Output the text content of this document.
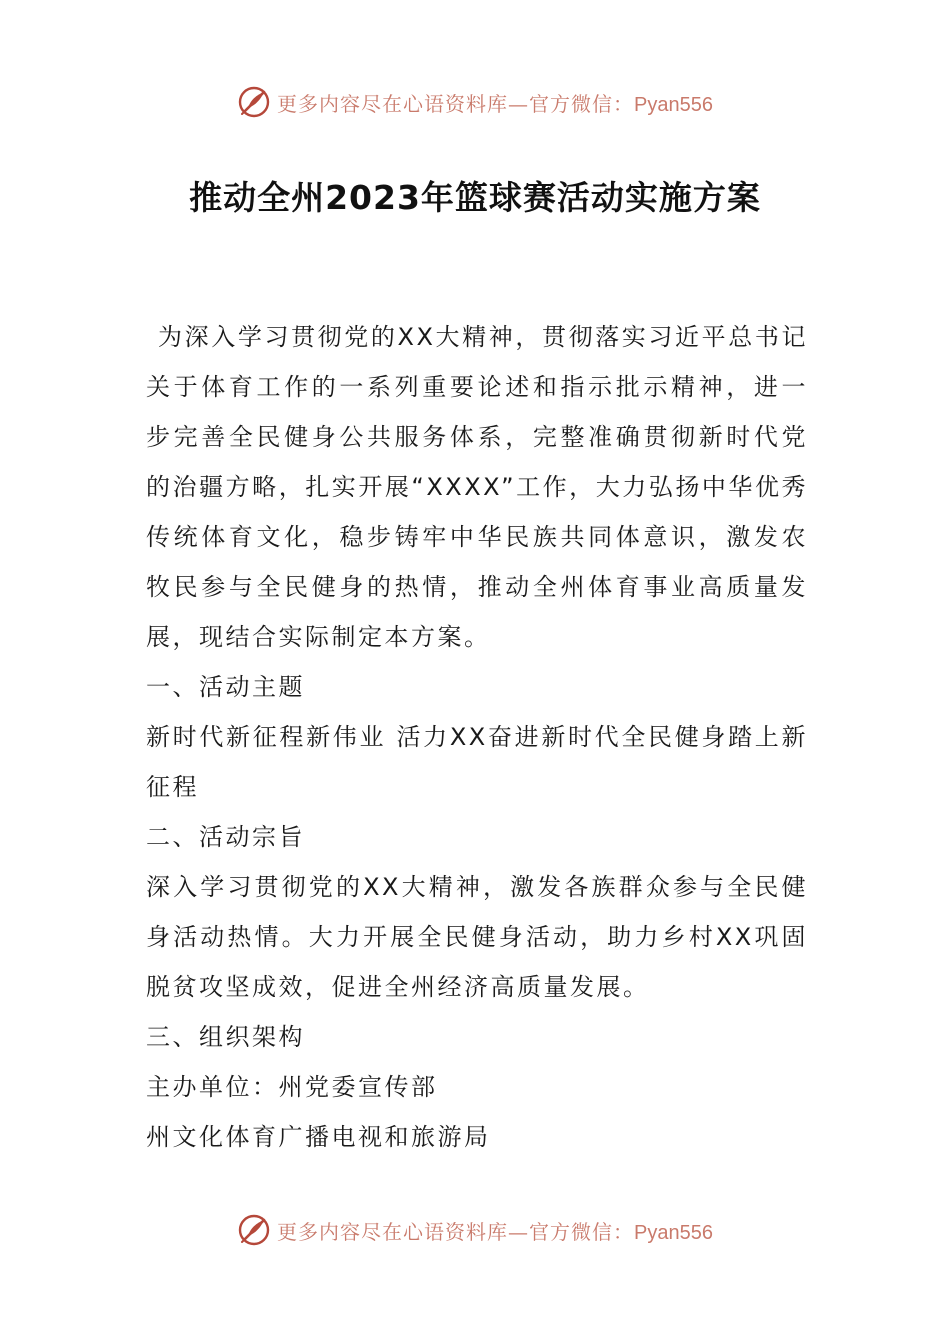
更多内容尽在心语资料库—官方微信：Pyan556
推动全州2023年篮球赛活动实施方案

为深入学习贯彻党的XX大精神，贯彻落实习近平总书记关于体育工作的一系列重要论述和指示批示精神，进一步完善全民健身公共服务体系，完整准确贯彻新时代党的治疆方略，扎实开展“XXXX”工作，大力弘扬中华优秀传统体育文化，稳步铸牢中华民族共同体意识，激发农牧民参与全民健身的热情，推动全州体育事业高质量发展，现结合实际制定本方案。

一、活动主题

新时代新征程新伟业 活力XX奋进新时代全民健身踏上新征程

二、活动宗旨

深入学习贯彻党的XX大精神，激发各族群众参与全民健身活动热情。大力开展全民健身活动，助力乡村XX巩固脱贫攻坚成效，促进全州经济高质量发展。

三、组织架构

主办单位：州党委宣传部

州文化体育广播电视和旅游局

更多内容尽在心语资料库—官方微信：Pyan556
